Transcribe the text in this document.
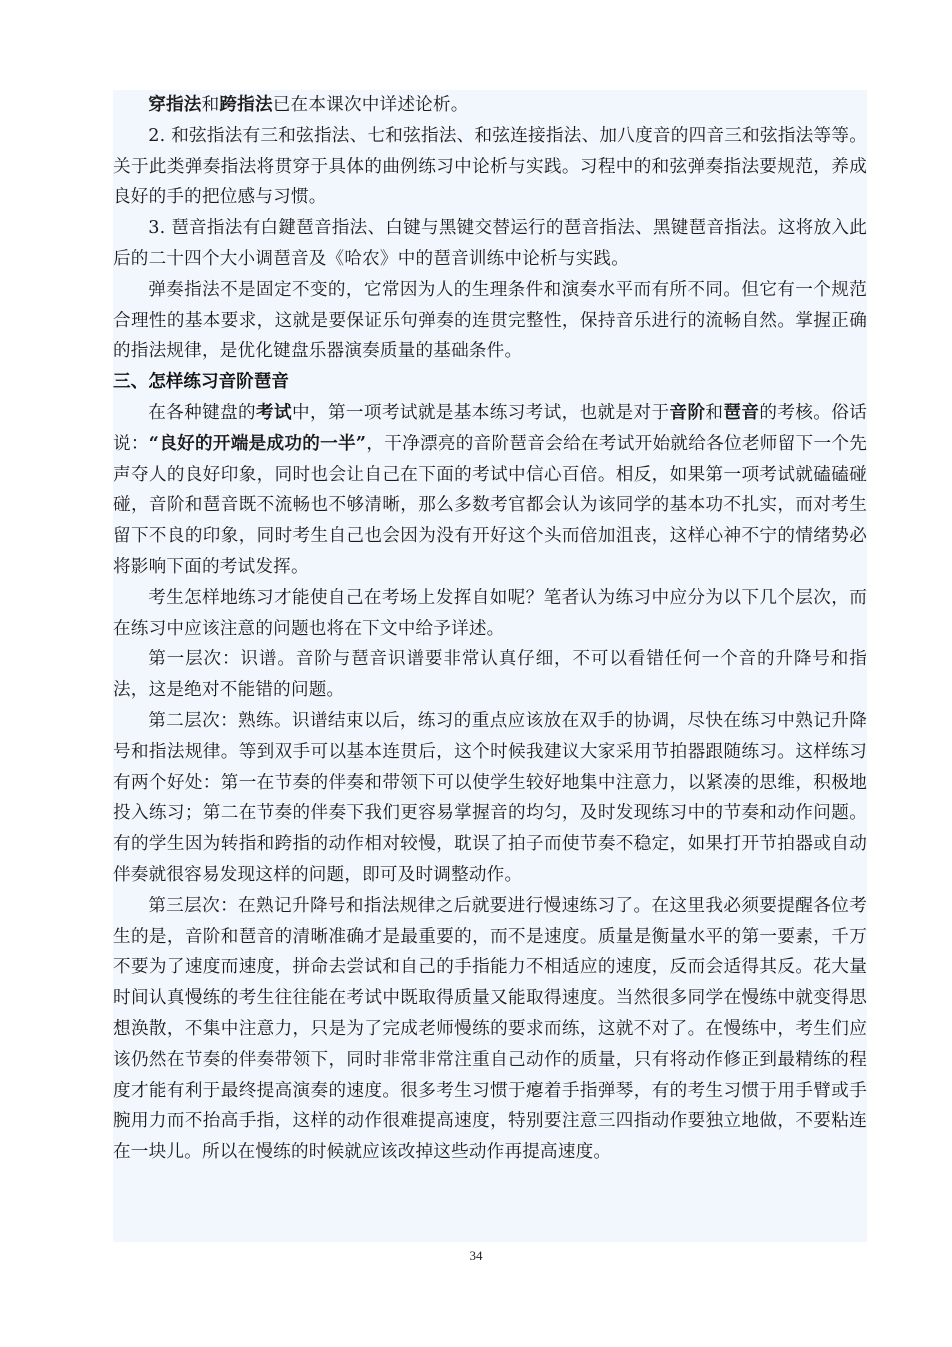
穿指法和跨指法已在本课次中详述论析。

2. 和弦指法有三和弦指法、七和弦指法、和弦连接指法、加八度音的四音三和弦指法等等。关于此类弹奏指法将贯穿于具体的曲例练习中论析与实践。习程中的和弦弹奏指法要规范，养成良好的手的把位感与习惯。

3. 琶音指法有白鍵琶音指法、白键与黑键交替运行的琶音指法、黑键琶音指法。这将放入此后的二十四个大小调琶音及《哈农》中的琶音训练中论析与实践。

弹奏指法不是固定不变的，它常因为人的生理条件和演奏水平而有所不同。但它有一个规范合理性的基本要求，这就是要保证乐句弹奏的连贯完整性，保持音乐进行的流畅自然。掌握正确的指法规律，是优化键盘乐器演奏质量的基础条件。

三、怎样练习音阶琶音

在各种键盘的考试中，第一项考试就是基本练习考试，也就是对于音阶和琶音的考核。俗话说：“良好的开端是成功的一半”，干净漂亮的音阶琶音会给在考试开始就给各位老师留下一个先声夺人的良好印象，同时也会让自己在下面的考试中信心百倍。相反，如果第一项考试就磕磕碰碰，音阶和琶音既不流畅也不够清晰，那么多数考官都会认为该同学的基本功不扎实，而对考生留下不良的印象，同时考生自己也会因为没有开好这个头而倍加沮丧，这样心神不宁的情绪势必将影响下面的考试发挥。

考生怎样地练习才能使自己在考场上发挥自如呢？笔者认为练习中应分为以下几个层次，而在练习中应该注意的问题也将在下文中给予详述。

第一层次：识谱。音阶与琶音识谱要非常认真仔细，不可以看错任何一个音的升降号和指法，这是绝对不能错的问题。

第二层次：熟练。识谱结束以后，练习的重点应该放在双手的协调，尽快在练习中熟记升降号和指法规律。等到双手可以基本连贯后，这个时候我建议大家采用节拍器跟随练习。这样练习有两个好处：第一在节奏的伴奏和带领下可以使学生较好地集中注意力，以紧凑的思维，积极地投入练习；第二在节奏的伴奏下我们更容易掌握音的均匀，及时发现练习中的节奏和动作问题。有的学生因为转指和跨指的动作相对较慢，耽误了拍子而使节奏不稳定，如果打开节拍器或自动伴奏就很容易发现这样的问题，即可及时调整动作。

第三层次：在熟记升降号和指法规律之后就要进行慢速练习了。在这里我必须要提醒各位考生的是，音阶和琶音的清晰准确才是最重要的，而不是速度。质量是衡量水平的第一要素，千万不要为了速度而速度，拼命去尝试和自己的手指能力不相适应的速度，反而会适得其反。花大量时间认真慢练的考生往往能在考试中既取得质量又能取得速度。当然很多同学在慢练中就变得思想涣散，不集中注意力，只是为了完成老师慢练的要求而练，这就不对了。在慢练中，考生们应该仍然在节奏的伴奏带领下，同时非常非常注重自己动作的质量，只有将动作修正到最精练的程度才能有利于最终提高演奏的速度。很多考生习惯于瘪着手指弹琴，有的考生习惯于用手臂或手腕用力而不抬高手指，这样的动作很难提高速度，特别要注意三四指动作要独立地做，不要粘连在一块儿。所以在慢练的时候就应该改掉这些动作再提高速度。

34
